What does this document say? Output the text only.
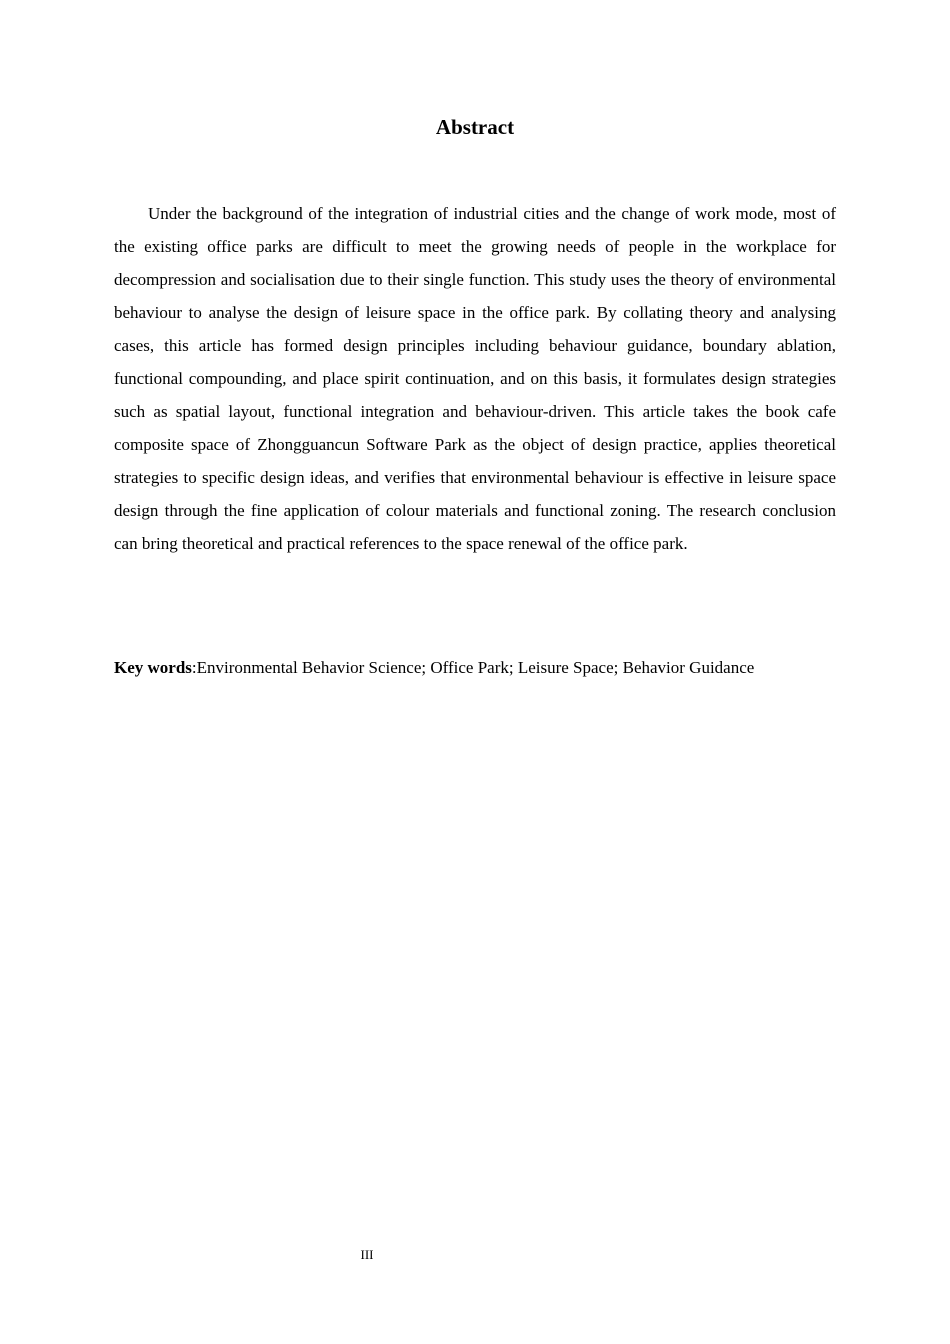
Abstract

Under the background of the integration of industrial cities and the change of work mode, most of the existing office parks are difficult to meet the growing needs of people in the workplace for decompression and socialisation due to their single function. This study uses the theory of environmental behaviour to analyse the design of leisure space in the office park. By collating theory and analysing cases, this article has formed design principles including behaviour guidance, boundary ablation, functional compounding, and place spirit continuation, and on this basis, it formulates design strategies such as spatial layout, functional integration and behaviour-driven. This article takes the book cafe composite space of Zhongguancun Software Park as the object of design practice, applies theoretical strategies to specific design ideas, and verifies that environmental behaviour is effective in leisure space design through the fine application of colour materials and functional zoning. The research conclusion can bring theoretical and practical references to the space renewal of the office park.

Key words:Environmental Behavior Science; Office Park; Leisure Space; Behavior Guidance

III
